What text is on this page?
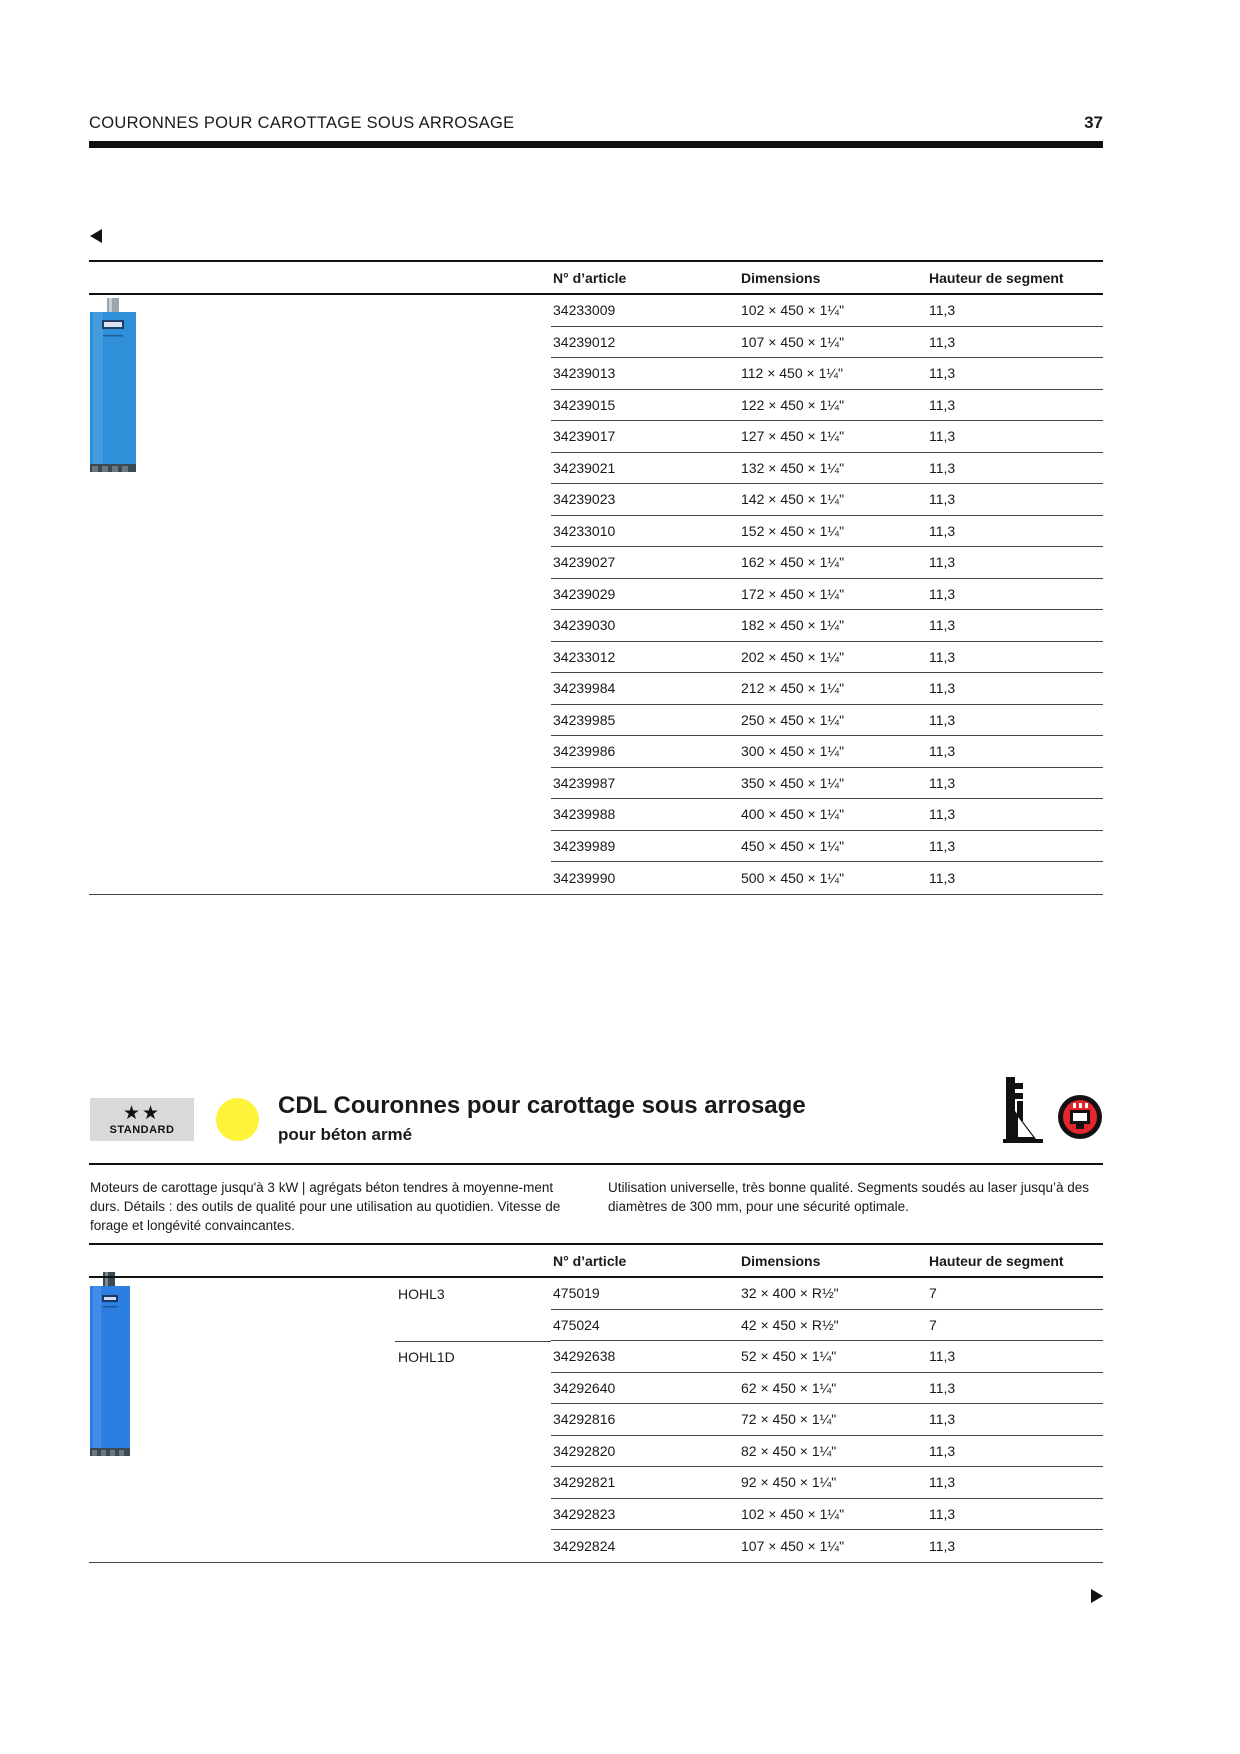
COURONNES POUR CAROTTAGE SOUS ARROSAGE	37
N° d’article	Dimensions	Hauteur de segment
34233009	102 × 450 × 1¼"	11,3
34239012	107 × 450 × 1¼"	11,3
34239013	112 × 450 × 1¼"	11,3
34239015	122 × 450 × 1¼"	11,3
34239017	127 × 450 × 1¼"	11,3
34239021	132 × 450 × 1¼"	11,3
34239023	142 × 450 × 1¼"	11,3
34233010	152 × 450 × 1¼"	11,3
34239027	162 × 450 × 1¼"	11,3
34239029	172 × 450 × 1¼"	11,3
34239030	182 × 450 × 1¼"	11,3
34233012	202 × 450 × 1¼"	11,3
34239984	212 × 450 × 1¼"	11,3
34239985	250 × 450 × 1¼"	11,3
34239986	300 × 450 × 1¼"	11,3
34239987	350 × 450 × 1¼"	11,3
34239988	400 × 450 × 1¼"	11,3
34239989	450 × 450 × 1¼"	11,3
34239990	500 × 450 × 1¼"	11,3
★★
STANDARD
CDL Couronnes pour carottage sous arrosage
pour béton armé
Moteurs de carottage jusqu'à 3 kW | agrégats béton tendres à moyenne-ment durs. Détails : des outils de qualité pour une utilisation au quotidien. Vitesse de forage et longévité convaincantes.
Utilisation universelle, très bonne qualité. Segments soudés au laser jusqu’à des diamètres de 300 mm, pour une sécurité optimale.
N° d’article	Dimensions	Hauteur de segment
HOHL3	475019	32 × 400 × R½"	7
475024	42 × 450 × R½"	7
HOHL1D	34292638	52 × 450 × 1¼"	11,3
34292640	62 × 450 × 1¼"	11,3
34292816	72 × 450 × 1¼"	11,3
34292820	82 × 450 × 1¼"	11,3
34292821	92 × 450 × 1¼"	11,3
34292823	102 × 450 × 1¼"	11,3
34292824	107 × 450 × 1¼"	11,3
